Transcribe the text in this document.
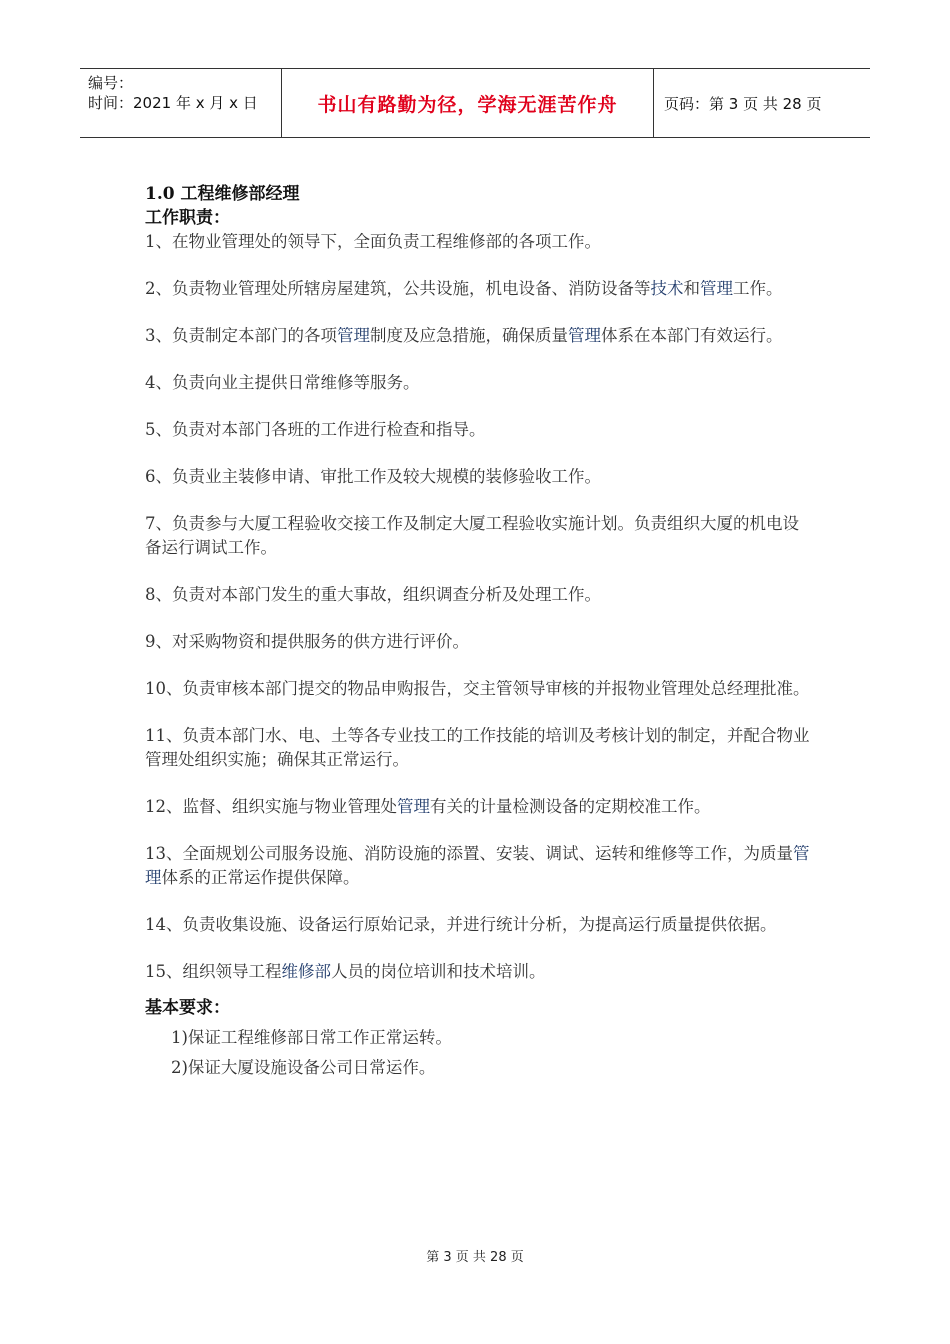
编号：
时间：2021 年 x 月 x 日	书山有路勤为径，学海无涯苦作舟	页码：第 3 页 共 28 页
1.0 工程维修部经理
工作职责：
1、在物业管理处的领导下，全面负责工程维修部的各项工作。
2、负责物业管理处所辖房屋建筑，公共设施，机电设备、消防设备等技术和管理工作。
3、负责制定本部门的各项管理制度及应急措施，确保质量管理体系在本部门有效运行。
4、负责向业主提供日常维修等服务。
5、负责对本部门各班的工作进行检查和指导。
6、负责业主装修申请、审批工作及较大规模的装修验收工作。
7、负责参与大厦工程验收交接工作及制定大厦工程验收实施计划。负责组织大厦的机电设备运行调试工作。
8、负责对本部门发生的重大事故，组织调查分析及处理工作。
9、对采购物资和提供服务的供方进行评价。
10、负责审核本部门提交的物品申购报告，交主管领导审核的并报物业管理处总经理批准。
11、负责本部门水、电、土等各专业技工的工作技能的培训及考核计划的制定，并配合物业管理处组织实施；确保其正常运行。
12、监督、组织实施与物业管理处管理有关的计量检测设备的定期校准工作。
13、全面规划公司服务设施、消防设施的添置、安装、调试、运转和维修等工作，为质量管理体系的正常运作提供保障。
14、负责收集设施、设备运行原始记录，并进行统计分析，为提高运行质量提供依据。
15、组织领导工程维修部人员的岗位培训和技术培训。
基本要求：
1)保证工程维修部日常工作正常运转。
2)保证大厦设施设备公司日常运作。
第 3 页 共 28 页
